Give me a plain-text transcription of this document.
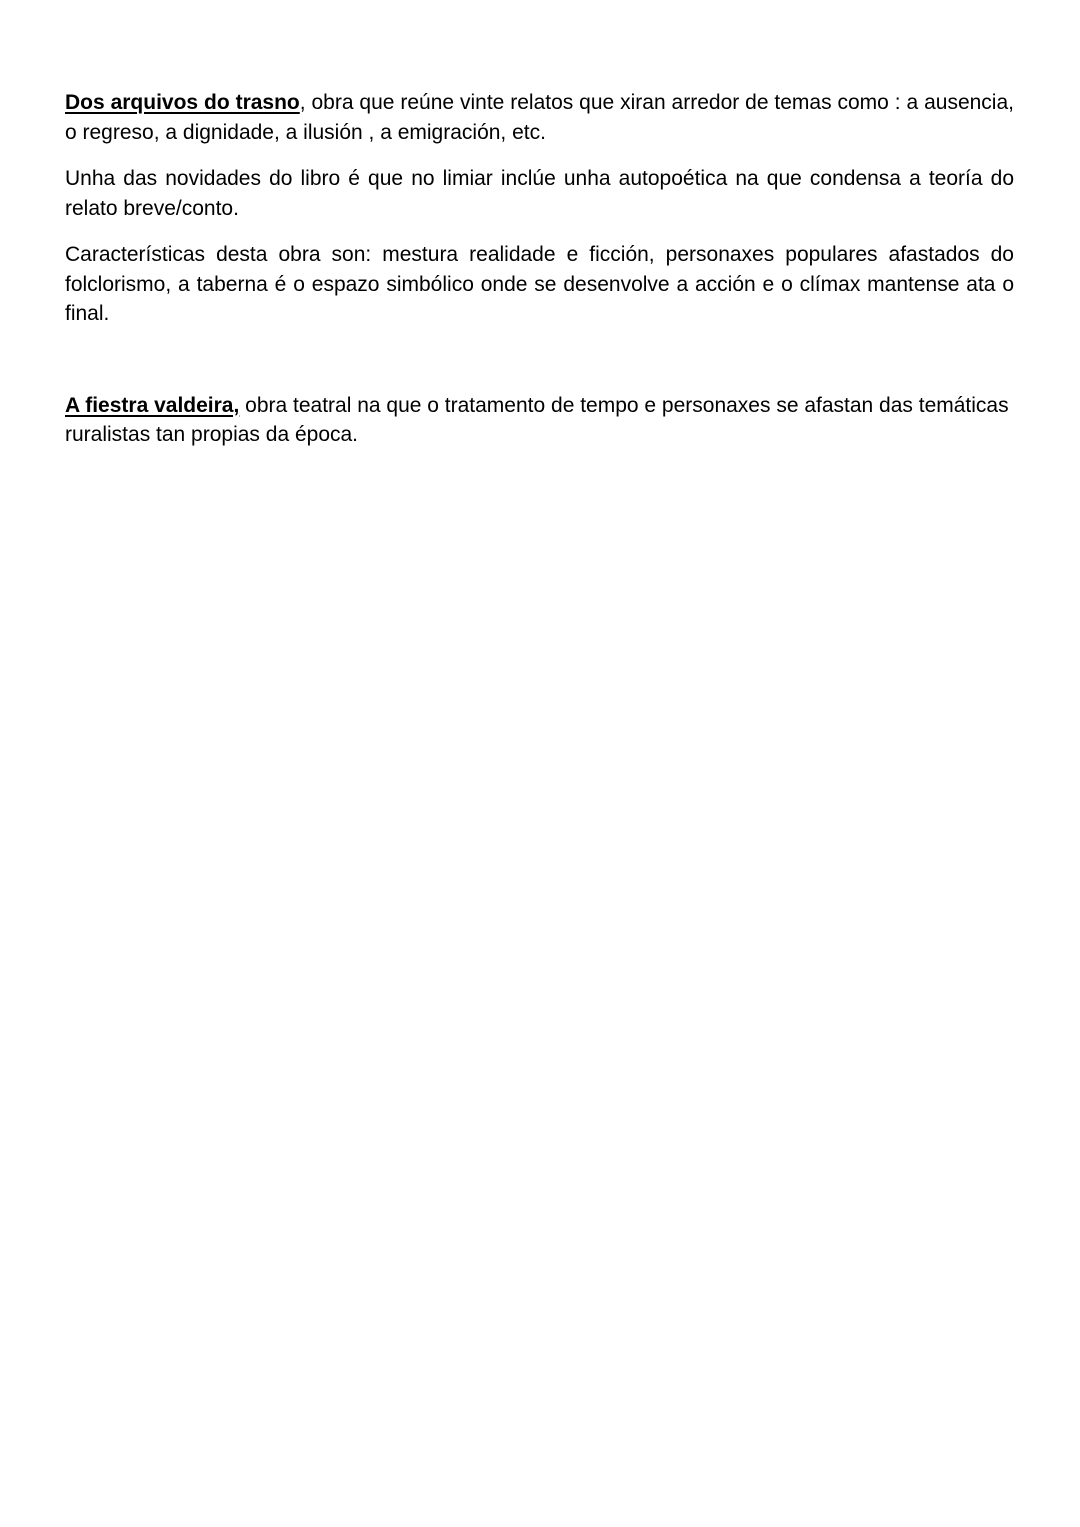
Dos arquivos do trasno, obra que reúne vinte relatos que xiran arredor de temas como : a ausencia, o regreso, a dignidade, a ilusión , a emigración, etc.

Unha das novidades do libro é que no limiar inclúe unha autopoética na que condensa a teoría do relato breve/conto.

Características desta obra son: mestura realidade e ficción, personaxes populares afastados do folclorismo, a taberna é o espazo simbólico onde se desenvolve a acción e o clímax mantense ata o final.

A fiestra valdeira, obra teatral na que o tratamento de tempo e personaxes se afastan das temáticas ruralistas tan propias da época.
